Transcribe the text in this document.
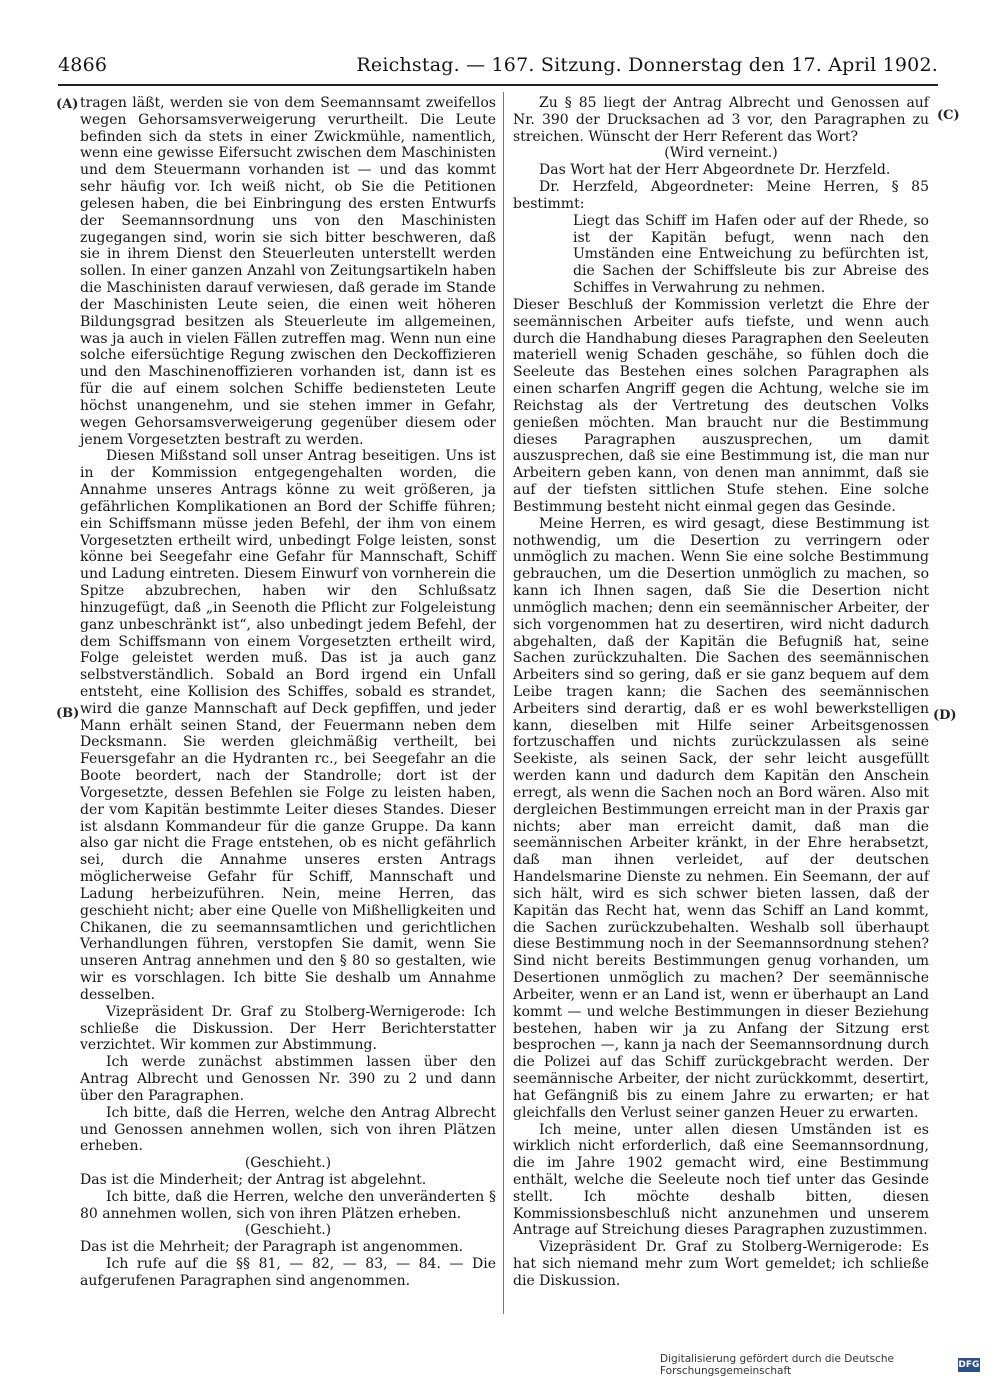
4866	Reichstag. — 167. Sitzung. Donnerstag den 17. April 1902.
(A)
(B)
(C)
(D)

tragen läßt, werden sie von dem Seemannsamt zweifellos wegen Gehorsamsverweigerung verurtheilt. Die Leute befinden sich da stets in einer Zwickmühle, namentlich, wenn eine gewisse Eifersucht zwischen dem Maschinisten und dem Steuermann vorhanden ist — und das kommt sehr häufig vor. Ich weiß nicht, ob Sie die Petitionen gelesen haben, die bei Einbringung des ersten Entwurfs der Seemannsordnung uns von den Maschinisten zugegangen sind, worin sie sich bitter beschweren, daß sie in ihrem Dienst den Steuerleuten unterstellt werden sollen. In einer ganzen Anzahl von Zeitungsartikeln haben die Maschinisten darauf verwiesen, daß gerade im Stande der Maschinisten Leute seien, die einen weit höheren Bildungsgrad besitzen als Steuerleute im allgemeinen, was ja auch in vielen Fällen zutreffen mag. Wenn nun eine solche eifersüchtige Regung zwischen den Deckoffizieren und den Maschinenoffizieren vorhanden ist, dann ist es für die auf einem solchen Schiffe bediensteten Leute höchst unangenehm, und sie stehen immer in Gefahr, wegen Gehorsamsverweigerung gegenüber diesem oder jenem Vorgesetzten bestraft zu werden.

Diesen Mißstand soll unser Antrag beseitigen. Uns ist in der Kommission entgegengehalten worden, die Annahme unseres Antrags könne zu weit größeren, ja gefährlichen Komplikationen an Bord der Schiffe führen; ein Schiffsmann müsse jeden Befehl, der ihm von einem Vorgesetzten ertheilt wird, unbedingt Folge leisten, sonst könne bei Seegefahr eine Gefahr für Mannschaft, Schiff und Ladung eintreten. Diesem Einwurf von vornherein die Spitze abzubrechen, haben wir den Schlußsatz hinzugefügt, daß „in Seenoth die Pflicht zur Folgeleistung ganz unbeschränkt ist“, also unbedingt jedem Befehl, der dem Schiffsmann von einem Vorgesetzten ertheilt wird, Folge geleistet werden muß. Das ist ja auch ganz selbstverständlich. Sobald an Bord irgend ein Unfall entsteht, eine Kollision des Schiffes, sobald es strandet, wird die ganze Mannschaft auf Deck gepfiffen, und jeder Mann erhält seinen Stand, der Feuermann neben dem Decksmann. Sie werden gleichmäßig vertheilt, bei Feuersgefahr an die Hydranten rc., bei Seegefahr an die Boote beordert, nach der Standrolle; dort ist der Vorgesetzte, dessen Befehlen sie Folge zu leisten haben, der vom Kapitän bestimmte Leiter dieses Standes. Dieser ist alsdann Kommandeur für die ganze Gruppe. Da kann also gar nicht die Frage entstehen, ob es nicht gefährlich sei, durch die Annahme unseres ersten Antrags möglicherweise Gefahr für Schiff, Mannschaft und Ladung herbeizuführen. Nein, meine Herren, das geschieht nicht; aber eine Quelle von Mißhelligkeiten und Chikanen, die zu seemannsamtlichen und gerichtlichen Verhandlungen führen, verstopfen Sie damit, wenn Sie unseren Antrag annehmen und den § 80 so gestalten, wie wir es vorschlagen. Ich bitte Sie deshalb um Annahme desselben.

Vizepräsident Dr. Graf zu Stolberg-Wernigerode: Ich schließe die Diskussion. Der Herr Berichterstatter verzichtet. Wir kommen zur Abstimmung.

Ich werde zunächst abstimmen lassen über den Antrag Albrecht und Genossen Nr. 390 zu 2 und dann über den Paragraphen.

Ich bitte, daß die Herren, welche den Antrag Albrecht und Genossen annehmen wollen, sich von ihren Plätzen erheben.

(Geschieht.)

Das ist die Minderheit; der Antrag ist abgelehnt.

Ich bitte, daß die Herren, welche den unveränderten § 80 annehmen wollen, sich von ihren Plätzen erheben.

(Geschieht.)

Das ist die Mehrheit; der Paragraph ist angenommen.

Ich rufe auf die §§ 81, — 82, — 83, — 84. — Die aufgerufenen Paragraphen sind angenommen.

Zu § 85 liegt der Antrag Albrecht und Genossen auf Nr. 390 der Drucksachen ad 3 vor, den Paragraphen zu streichen. Wünscht der Herr Referent das Wort?

(Wird verneint.)

Das Wort hat der Herr Abgeordnete Dr. Herzfeld.

Dr. Herzfeld, Abgeordneter: Meine Herren, § 85 bestimmt:

Liegt das Schiff im Hafen oder auf der Rhede, so ist der Kapitän befugt, wenn nach den Umständen eine Entweichung zu befürchten ist, die Sachen der Schiffsleute bis zur Abreise des Schiffes in Verwahrung zu nehmen.

Dieser Beschluß der Kommission verletzt die Ehre der seemännischen Arbeiter aufs tiefste, und wenn auch durch die Handhabung dieses Paragraphen den Seeleuten materiell wenig Schaden geschähe, so fühlen doch die Seeleute das Bestehen eines solchen Paragraphen als einen scharfen Angriff gegen die Achtung, welche sie im Reichstag als der Vertretung des deutschen Volks genießen möchten. Man braucht nur die Bestimmung dieses Paragraphen auszusprechen, um damit auszusprechen, daß sie eine Bestimmung ist, die man nur Arbeitern geben kann, von denen man annimmt, daß sie auf der tiefsten sittlichen Stufe stehen. Eine solche Bestimmung besteht nicht einmal gegen das Gesinde.

Meine Herren, es wird gesagt, diese Bestimmung ist nothwendig, um die Desertion zu verringern oder unmöglich zu machen. Wenn Sie eine solche Bestimmung gebrauchen, um die Desertion unmöglich zu machen, so kann ich Ihnen sagen, daß Sie die Desertion nicht unmöglich machen; denn ein seemännischer Arbeiter, der sich vorgenommen hat zu desertiren, wird nicht dadurch abgehalten, daß der Kapitän die Befugniß hat, seine Sachen zurückzuhalten. Die Sachen des seemännischen Arbeiters sind so gering, daß er sie ganz bequem auf dem Leibe tragen kann; die Sachen des seemännischen Arbeiters sind derartig, daß er es wohl bewerkstelligen kann, dieselben mit Hilfe seiner Arbeitsgenossen fortzuschaffen und nichts zurückzulassen als seine Seekiste, als seinen Sack, der sehr leicht ausgefüllt werden kann und dadurch dem Kapitän den Anschein erregt, als wenn die Sachen noch an Bord wären. Also mit dergleichen Bestimmungen erreicht man in der Praxis gar nichts; aber man erreicht damit, daß man die seemännischen Arbeiter kränkt, in der Ehre herabsetzt, daß man ihnen verleidet, auf der deutschen Handelsmarine Dienste zu nehmen. Ein Seemann, der auf sich hält, wird es sich schwer bieten lassen, daß der Kapitän das Recht hat, wenn das Schiff an Land kommt, die Sachen zurückzubehalten. Weshalb soll überhaupt diese Bestimmung noch in der Seemannsordnung stehen? Sind nicht bereits Bestimmungen genug vorhanden, um Desertionen unmöglich zu machen? Der seemännische Arbeiter, wenn er an Land ist, wenn er überhaupt an Land kommt — und welche Bestimmungen in dieser Beziehung bestehen, haben wir ja zu Anfang der Sitzung erst besprochen —, kann ja nach der Seemannsordnung durch die Polizei auf das Schiff zurückgebracht werden. Der seemännische Arbeiter, der nicht zurückkommt, desertirt, hat Gefängniß bis zu einem Jahre zu erwarten; er hat gleichfalls den Verlust seiner ganzen Heuer zu erwarten.

Ich meine, unter allen diesen Umständen ist es wirklich nicht erforderlich, daß eine Seemannsordnung, die im Jahre 1902 gemacht wird, eine Bestimmung enthält, welche die Seeleute noch tief unter das Gesinde stellt. Ich möchte deshalb bitten, diesen Kommissionsbeschluß nicht anzunehmen und unserem Antrage auf Streichung dieses Paragraphen zuzustimmen.

Vizepräsident Dr. Graf zu Stolberg-Wernigerode: Es hat sich niemand mehr zum Wort gemeldet; ich schließe die Diskussion.

Digitalisierung gefördert durch die Deutsche Forschungsgemeinschaft	DFG
